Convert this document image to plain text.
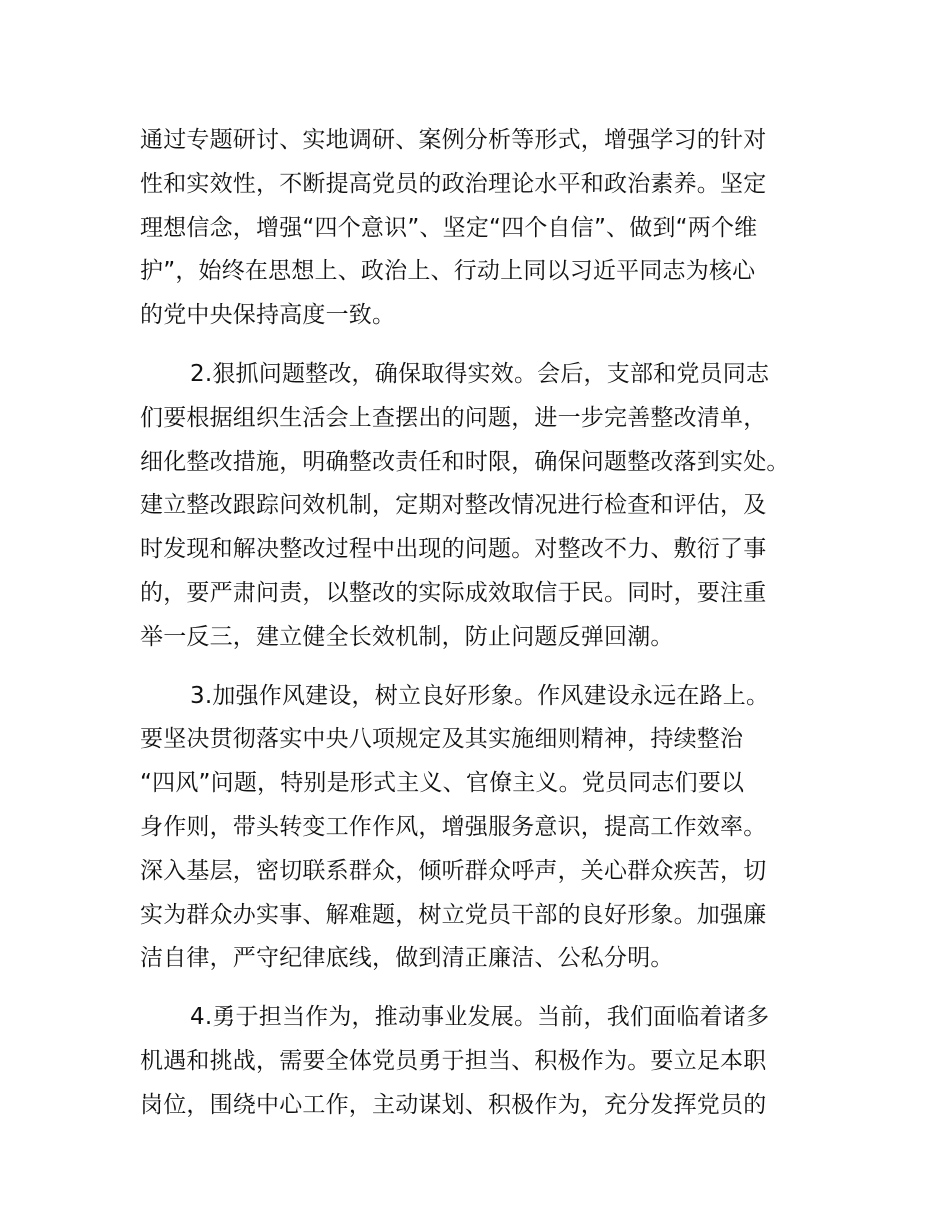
通过专题研讨、实地调研、案例分析等形式，增强学习的针对
性和实效性，不断提高党员的政治理论水平和政治素养。坚定
理想信念，增强“四个意识”、坚定“四个自信”、做到“两个维
护”，始终在思想上、政治上、行动上同以习近平同志为核心
的党中央保持高度一致。
2.狠抓问题整改，确保取得实效。会后，支部和党员同志
们要根据组织生活会上查摆出的问题，进一步完善整改清单，
细化整改措施，明确整改责任和时限，确保问题整改落到实处。
建立整改跟踪问效机制，定期对整改情况进行检查和评估，及
时发现和解决整改过程中出现的问题。对整改不力、敷衍了事
的，要严肃问责，以整改的实际成效取信于民。同时，要注重
举一反三，建立健全长效机制，防止问题反弹回潮。
3.加强作风建设，树立良好形象。作风建设永远在路上。
要坚决贯彻落实中央八项规定及其实施细则精神，持续整治
“四风”问题，特别是形式主义、官僚主义。党员同志们要以
身作则，带头转变工作作风，增强服务意识，提高工作效率。
深入基层，密切联系群众，倾听群众呼声，关心群众疾苦，切
实为群众办实事、解难题，树立党员干部的良好形象。加强廉
洁自律，严守纪律底线，做到清正廉洁、公私分明。
4.勇于担当作为，推动事业发展。当前，我们面临着诸多
机遇和挑战，需要全体党员勇于担当、积极作为。要立足本职
岗位，围绕中心工作，主动谋划、积极作为，充分发挥党员的
